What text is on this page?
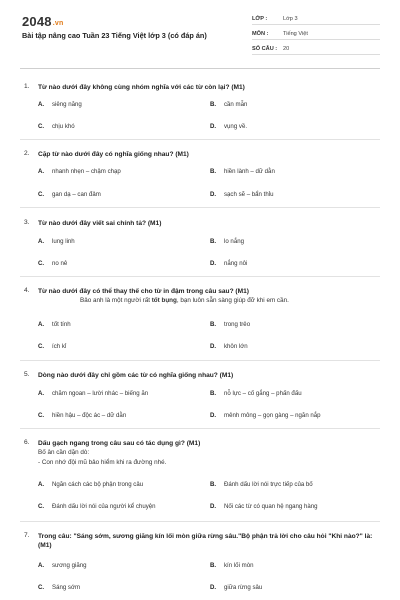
2048.vn
Bài tập nâng cao Tuần 23 Tiếng Việt lớp 3 (có đáp án)
LỚP :	Lớp 3
MÔN :	Tiếng Việt
SỐ CÂU : 20
1. Từ nào dưới đây không cùng nhóm nghĩa với các từ còn lại? (M1)
A. siêng năng	B. cần mẫn
C. chịu khó	D. vụng về.
2. Cặp từ nào dưới đây có nghĩa giống nhau? (M1)
A. nhanh nhẹn – chậm chạp	B. hiền lành – dữ dằn
C. gan dạ – can đảm	D. sạch sẽ – bẩn thỉu
3. Từ nào dưới đây viết sai chính tả? (M1)
A. lung linh	B. lo nắng
C. no nê	D. nắng nôi
4. Từ nào dưới đây có thể thay thế cho từ in đậm trong câu sau? (M1)
Bảo anh là một người rất tốt bụng, bạn luôn sẵn sàng giúp đỡ khi em cần.
A. tốt tính	B. trong trẻo
C. ích kỉ	D. khôn lớn
5. Dòng nào dưới đây chỉ gồm các từ có nghĩa giống nhau? (M1)
A. chăm ngoan – lười nhác – biếng ăn	B. nỗ lực – cố gắng – phấn đấu
C. hiền hậu – độc ác – dữ dằn	D. mênh mông – gọn gàng – ngăn nắp
6. Dấu gạch ngang trong câu sau có tác dụng gì? (M1)
Bố ân cần dặn dò:
- Con nhớ đội mũ bảo hiểm khi ra đường nhé.
A. Ngăn cách các bộ phận trong câu	B. Đánh dấu lời nói trực tiếp của bố
C. Đánh dấu lời nói của người kể chuyện	D. Nối các từ có quan hệ ngang hàng
7. Trong câu: "Sáng sớm, sương giăng kín lối mòn giữa rừng sâu."Bộ phận trả lời cho câu hỏi "Khi nào?" là: (M1)
A. sương giăng	B. kín lối mòn
C. Sáng sớm	D. giữa rừng sâu
